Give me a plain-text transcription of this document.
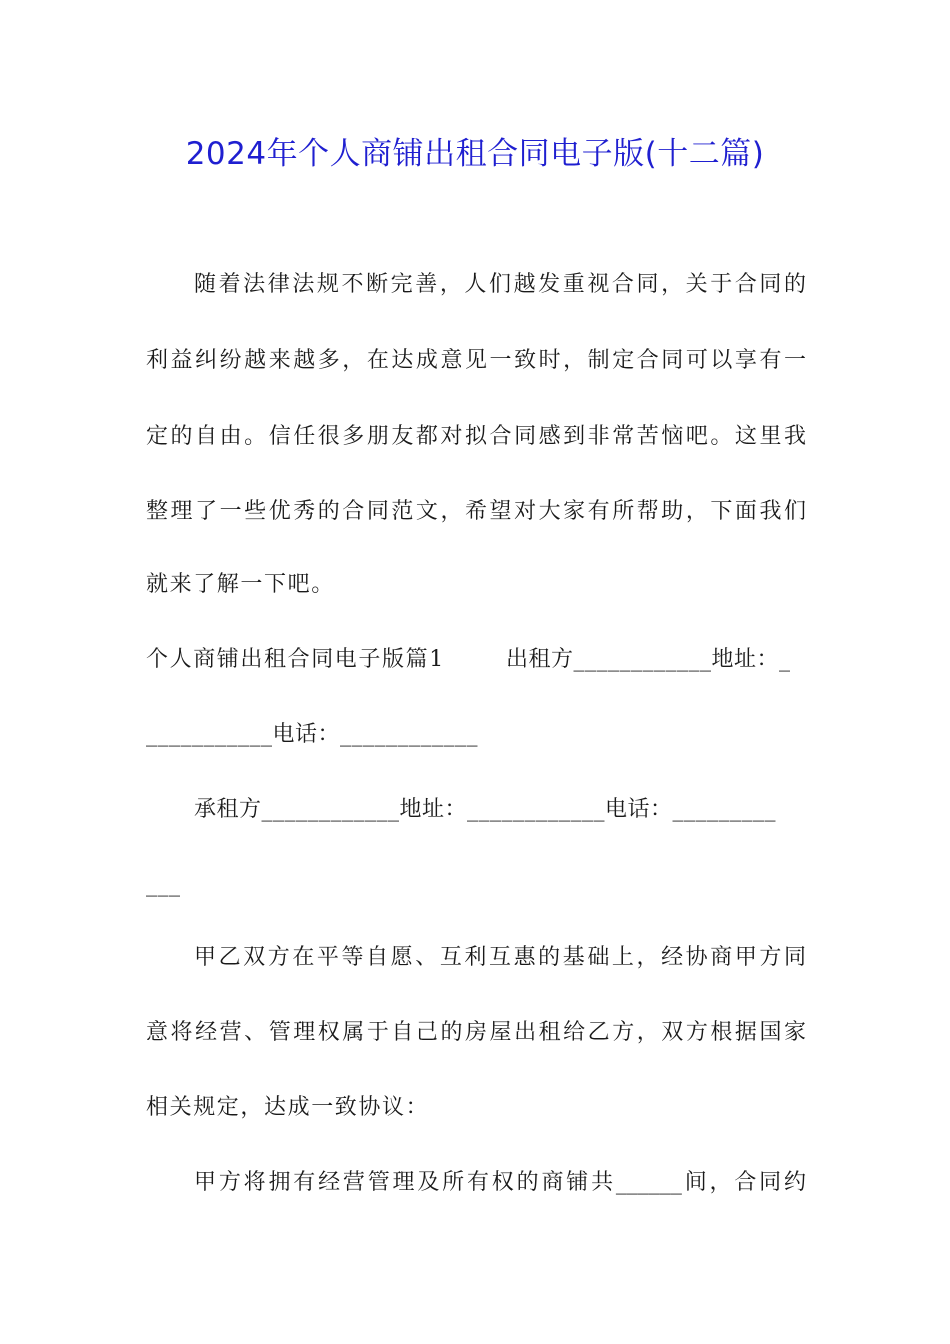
2024年个人商铺出租合同电子版(十二篇)
随着法律法规不断完善，人们越发重视合同，关于合同的
利益纠纷越来越多，在达成意见一致时，制定合同可以享有一
定的自由。信任很多朋友都对拟合同感到非常苦恼吧。这里我
整理了一些优秀的合同范文，希望对大家有所帮助，下面我们
就来了解一下吧。
个人商铺出租合同电子版篇1	出租方____________地址：_
___________电话：____________
承租方____________地址：____________电话：_________
___
甲乙双方在平等自愿、互利互惠的基础上，经协商甲方同
意将经营、管理权属于自己的房屋出租给乙方，双方根据国家
相关规定，达成一致协议：
甲方将拥有经营管理及所有权的商铺共______间，合同约
